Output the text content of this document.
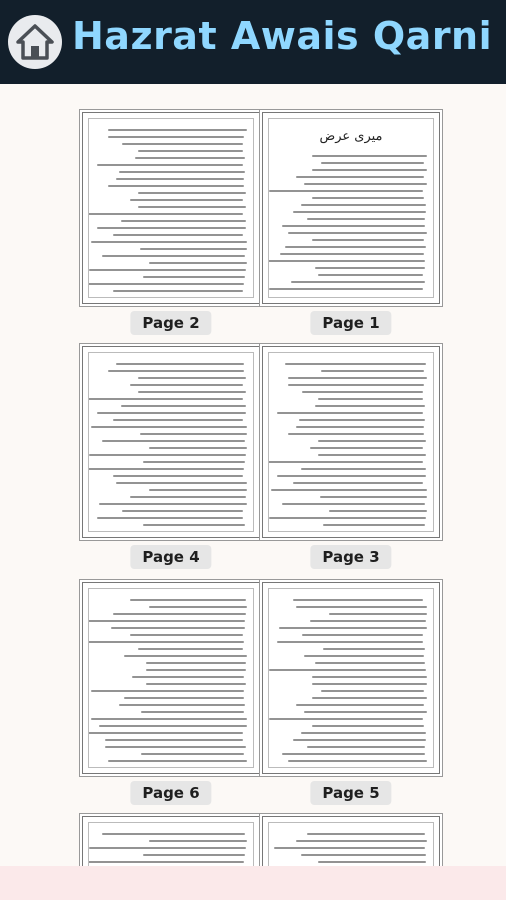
Hazrat Awais Qarni
Page 2
ﻣﯿﺮﯼ ﻋﺮﺽ
Page 1
Page 4	Page 3
Page 6	Page 5
